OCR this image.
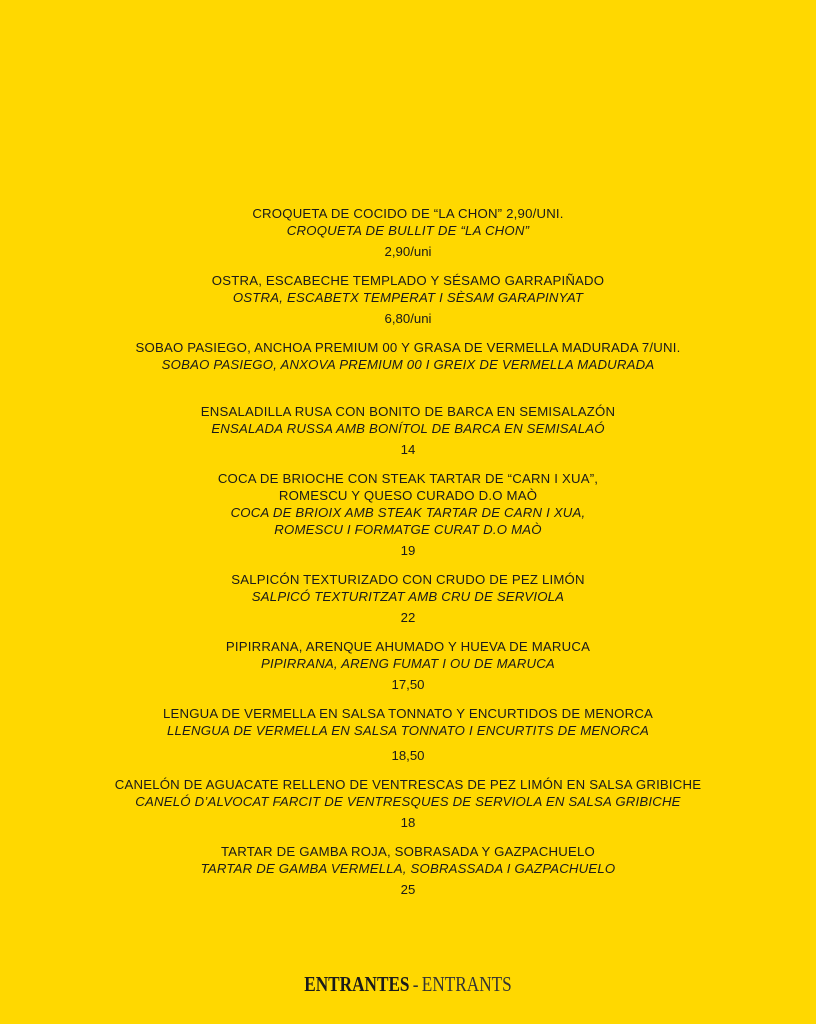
CROQUETA DE COCIDO DE “LA CHON” 2,90/UNI.
CROQUETA DE BULLIT DE “LA CHON”
2,90/uni
OSTRA, ESCABECHE TEMPLADO Y SÉSAMO GARRAPIÑADO
OSTRA, ESCABETX TEMPERAT I SÈSAM GARAPINYAT
6,80/uni
SOBAO PASIEGO, ANCHOA PREMIUM 00 Y GRASA DE VERMELLA MADURADA 7/UNI.
SOBAO PASIEGO, ANXOVA PREMIUM 00 I GREIX DE VERMELLA MADURADA
ENSALADILLA RUSA CON BONITO DE BARCA EN SEMISALAZÓN
ENSALADA RUSSA AMB BONÍTOL DE BARCA EN SEMISALAÓ
14
COCA DE BRIOCHE CON STEAK TARTAR DE “CARN I XUA”,
ROMESCU Y QUESO CURADO D.O MAÒ
COCA DE BRIOIX AMB STEAK TARTAR DE CARN I XUA,
ROMESCU I FORMATGE CURAT D.O MAÒ
19
SALPICÓN TEXTURIZADO CON CRUDO DE PEZ LIMÓN
SALPICÓ TEXTURITZAT AMB CRU DE SERVIOLA
22
PIPIRRANA, ARENQUE AHUMADO Y HUEVA DE MARUCA
PIPIRRANA, ARENG FUMAT I OU DE MARUCA
17,50
LENGUA DE VERMELLA EN SALSA TONNATO Y ENCURTIDOS DE MENORCA
LLENGUA DE VERMELLA EN SALSA TONNATO I ENCURTITS DE MENORCA
18,50
CANELÓN DE AGUACATE RELLENO DE VENTRESCAS DE PEZ LIMÓN EN SALSA GRIBICHE
CANELÓ D’ALVOCAT FARCIT DE VENTRESQUES DE SERVIOLA EN SALSA GRIBICHE
18
TARTAR DE GAMBA ROJA, SOBRASADA Y GAZPACHUELO
TARTAR DE GAMBA VERMELLA, SOBRASSADA I GAZPACHUELO
25
ENTRANTES - ENTRANTS
